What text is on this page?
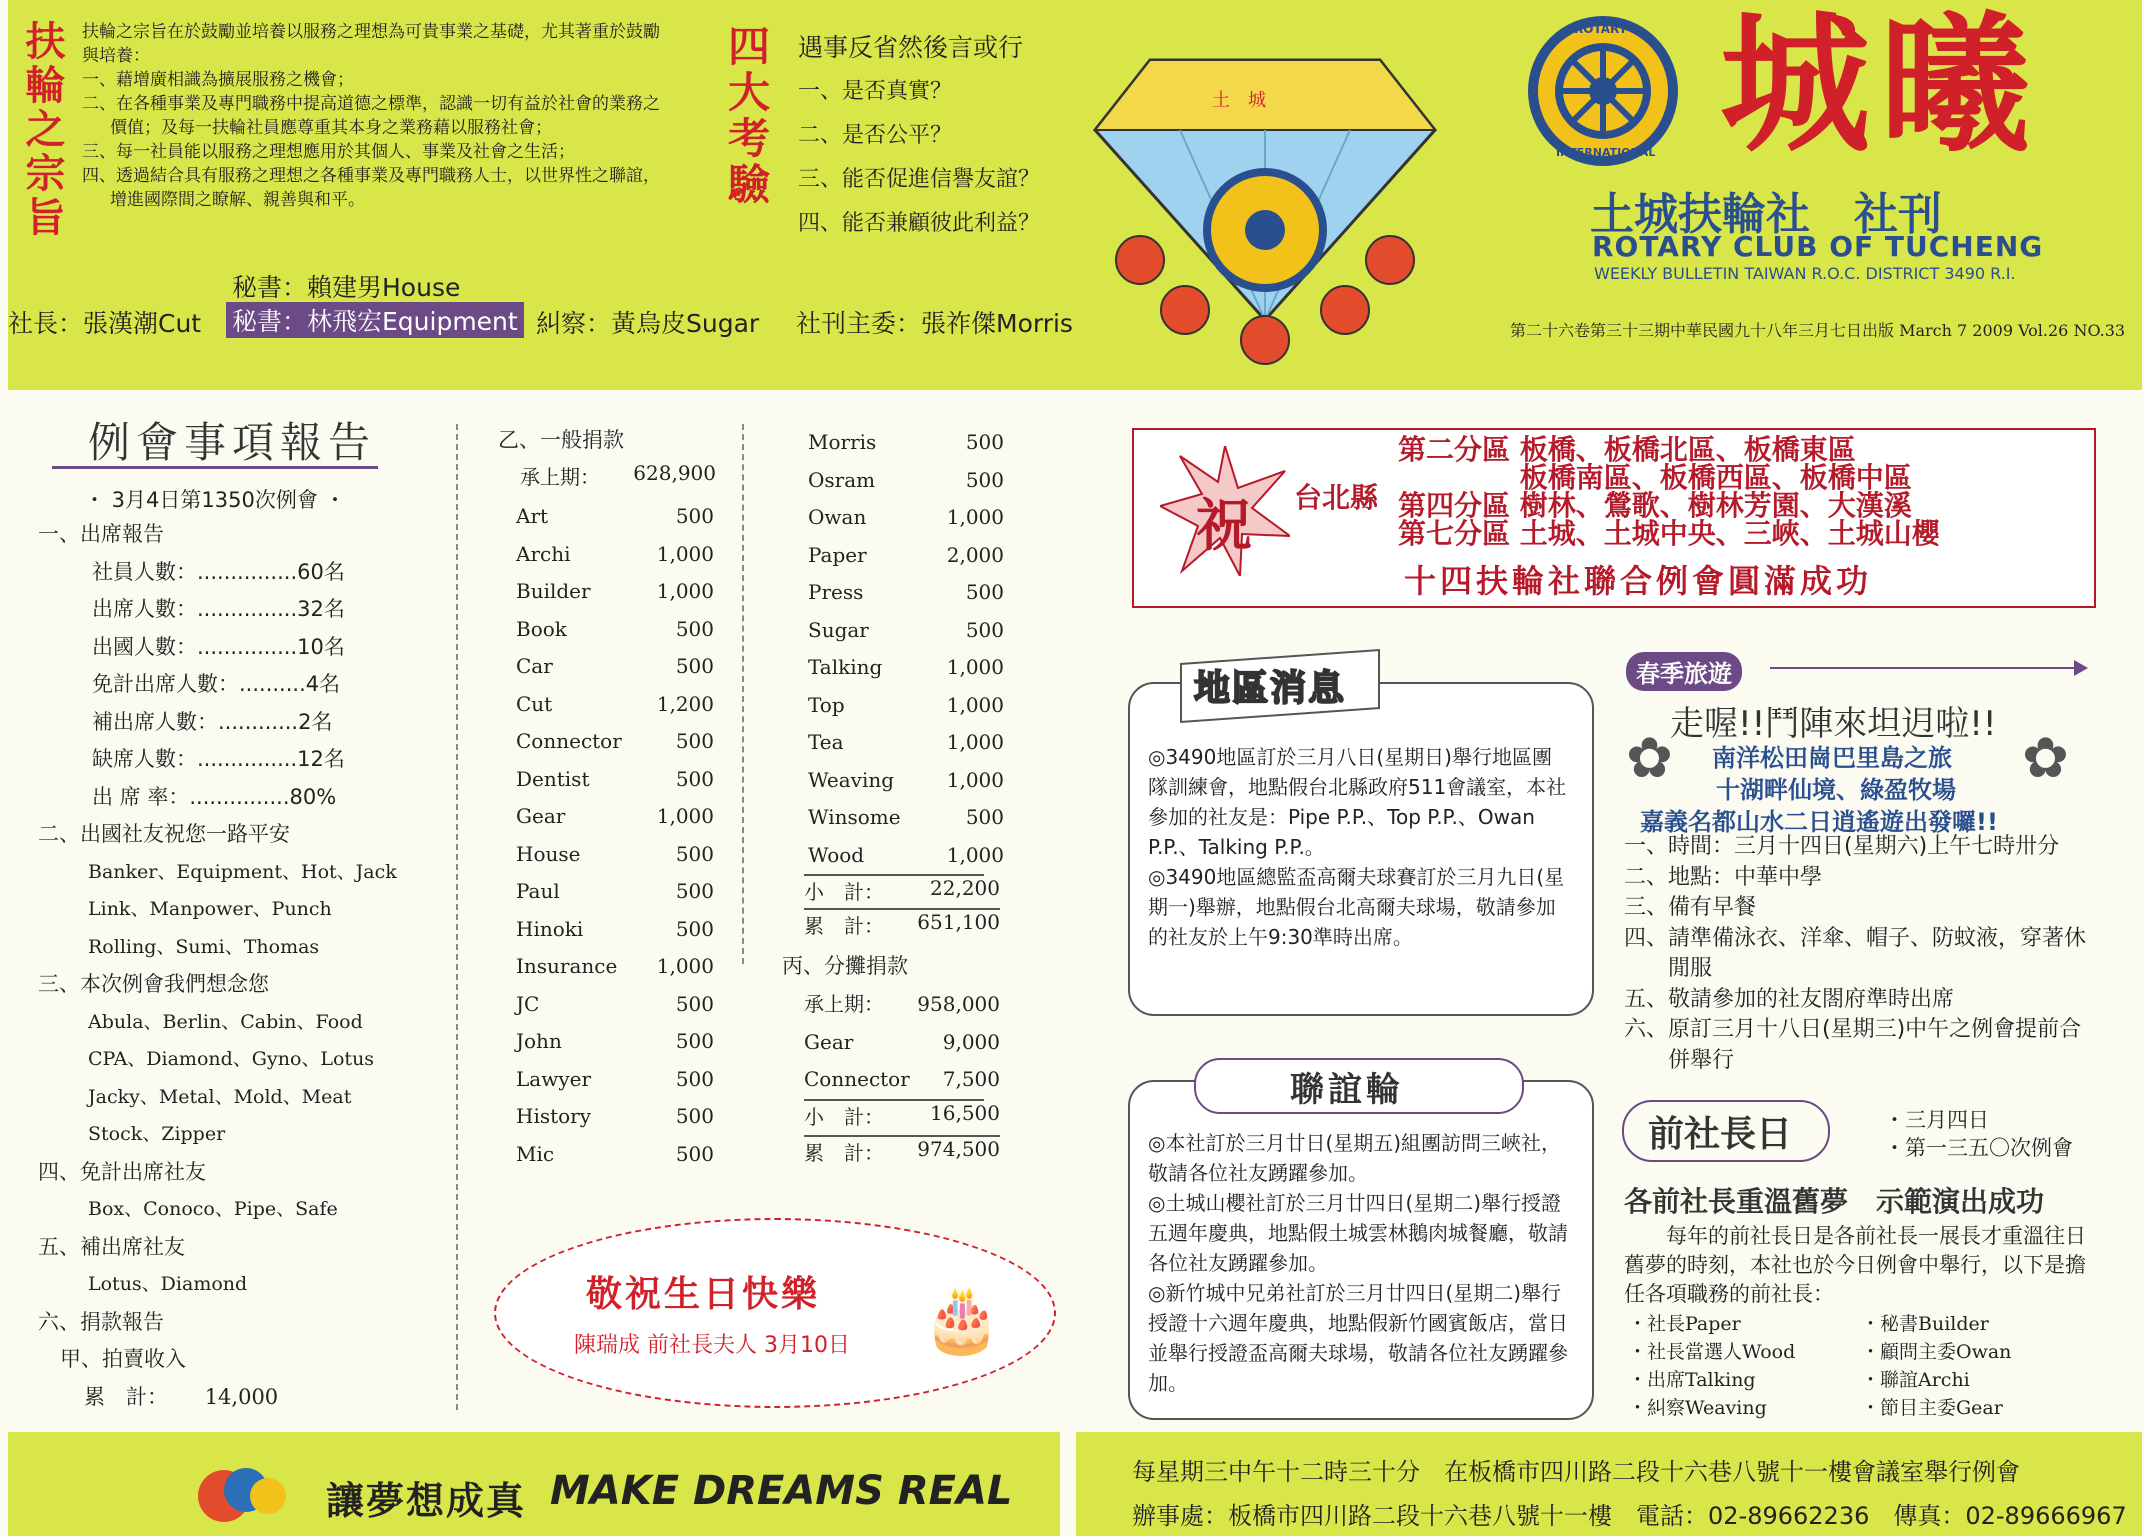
扶輪之宗旨	扶輪之宗旨在於鼓勵並培養以服務之理想為可貴事業之基礎，尤其著重於鼓勵與培養：
一、藉增廣相識為擴展服務之機會；
二、在各種事業及專門職務中提高道德之標準，認識一切有益於社會的業務之價值；及每一扶輪社員應尊重其本身之業務藉以服務社會；
三、每一社員能以服務之理想應用於其個人、事業及社會之生活；
四、透過結合具有服務之理想之各種事業及專門職務人士，以世界性之聯誼，增進國際間之瞭解、親善與和平。	四大考驗 遇事反省然後言或行
一、是否真實？
二、是否公平？
三、能否促進信譽友誼？
四、能否兼顧彼此利益？
秘書：賴建男House
社長：張漢潮Cut 秘書：林飛宏Equipment 糾察：黃烏皮Sugar 社刊主委：張祚傑Morris
土　城
ROTARY
INTERNATIONAL 城曦
土城扶輪社　社刊
ROTARY CLUB OF TUCHENG
WEEKLY BULLETIN TAIWAN R.O.C. DISTRICT 3490 R.I.
第二十六卷第三十三期中華民國九十八年三月七日出版 March 7 2009 Vol.26 NO.33
例會事項報告
・ 3月4日第1350次例會 ・
一、出席報告
社員人數：...............60名
出席人數：...............32名
出國人數：...............10名
免計出席人數：..........4名
補出席人數：............2名
缺席人數：...............12名
出 席 率：...............80%
二、出國社友祝您一路平安
Banker、Equipment、Hot、Jack
Link、Manpower、Punch
Rolling、Sumi、Thomas
三、本次例會我們想念您
Abula、Berlin、Cabin、Food
CPA、Diamond、Gyno、Lotus
Jacky、Metal、Mold、Meat
Stock、Zipper
四、免計出席社友
Box、Conoco、Pipe、Safe
五、補出席社友
Lotus、Diamond
六、捐款報告
甲、拍賣收入
累　計： 14,000
乙、一般捐款
承上期： 628,900
Art	500
Archi	1,000
Builder	1,000
Book	500
Car	500
Cut	1,200
Connector	500
Dentist	500
Gear	1,000
House	500
Paul	500
Hinoki	500
Insurance 1,000
JC	500
John	500
Lawyer	500
History	500
Mic	500
Morris	500
Osram	500
Owan	1,000
Paper	2,000
Press	500
Sugar	500
Talking	1,000
Top	1,000
Tea	1,000
Weaving	1,000
Winsome	500
Wood	1,000
小　計： 22,200
累　計： 651,100
丙、分攤捐款
承上期： 958,000
Gear	9,000
Connector 7,500
小　計： 16,500
累　計： 974,500
敬祝生日快樂
陳瑞成 前社長夫人 3月10日 🎂
祝 台北縣
第二分區 板橋、板橋北區、板橋東區
　　　　 板橋南區、板橋西區、板橋中區
第四分區 樹林、鶯歌、樹林芳園、大漢溪
第七分區 土城、土城中央、三峽、土城山櫻
十四扶輪社聯合例會圓滿成功
地區消息
◎3490地區訂於三月八日(星期日)舉行地區團隊訓練會，地點假台北縣政府511會議室，本社參加的社友是：Pipe P.P.、Top P.P.、Owan P.P.、Talking P.P.。
◎3490地區總監盃高爾夫球賽訂於三月九日(星期一)舉辦，地點假台北高爾夫球場，敬請參加的社友於上午9:30準時出席。
聯誼輪
◎本社訂於三月廿日(星期五)組團訪問三峽社，敬請各位社友踴躍參加。
◎土城山櫻社訂於三月廿四日(星期二)舉行授證五週年慶典，地點假土城雲林鵝肉城餐廳，敬請各位社友踴躍參加。
◎新竹城中兄弟社訂於三月廿四日(星期二)舉行授證十六週年慶典，地點假新竹國賓飯店，當日並舉行授證盃高爾夫球場，敬請各位社友踴躍參加。
春季旅遊
走喔!!鬥陣來坦迌啦!!
✿	✿
南洋松田崗巴里島之旅
十湖畔仙境、綠盈牧場
嘉義名都山水二日逍遙遊出發囉!!
一、時間：三月十四日(星期六)上午七時卅分
二、地點：中華中學
三、備有早餐
四、請準備泳衣、洋傘、帽子、防蚊液，穿著休閒服
五、敬請參加的社友閤府準時出席
六、原訂三月十八日(星期三)中午之例會提前合併舉行
前社長日	・三月四日
・第一三五〇次例會
各前社長重溫舊夢　示範演出成功
每年的前社長日是各前社長一展長才重溫往日舊夢的時刻，本社也於今日例會中舉行，以下是擔任各項職務的前社長：
・社長Paper	・秘書Builder
・社長當選人Wood	・顧問主委Owan
・出席Talking	・聯誼Archi
・糾察Weaving	・節目主委Gear
讓夢想成真 MAKE DREAMS REAL	每星期三中午十二時三十分　在板橋市四川路二段十六巷八號十一樓會議室舉行例會
辦事處：板橋市四川路二段十六巷八號十一樓　電話：02-89662236　傳真：02-89666967
